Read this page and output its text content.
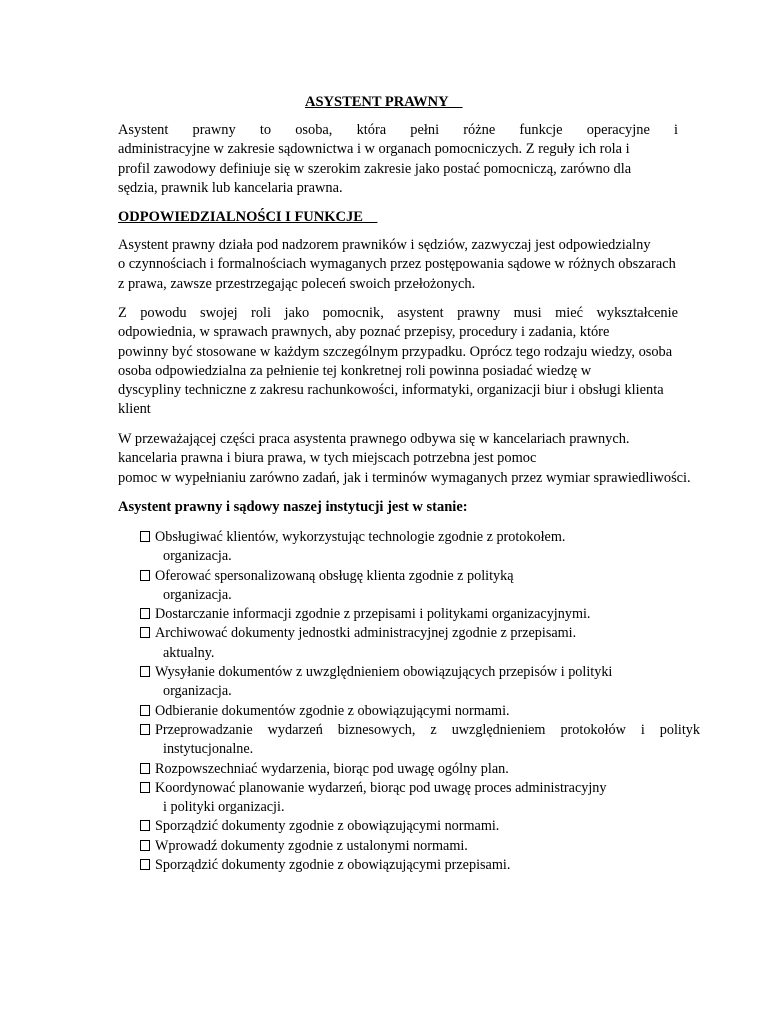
ASYSTENT PRAWNY
Asystent prawny to osoba, która pełni różne funkcje operacyjne i
administracyjne w zakresie sądownictwa i w organach pomocniczych. Z reguły ich rola i
profil zawodowy definiuje się w szerokim zakresie jako postać pomocniczą, zarówno dla
sędzia, prawnik lub kancelaria prawna.
ODPOWIEDZIALNOŚCI I FUNKCJE
Asystent prawny działa pod nadzorem prawników i sędziów, zazwyczaj jest odpowiedzialny
o czynnościach i formalnościach wymaganych przez postępowania sądowe w różnych obszarach
z prawa, zawsze przestrzegając poleceń swoich przełożonych.
Z powodu swojej roli jako pomocnik, asystent prawny musi mieć wykształcenie
odpowiednia, w sprawach prawnych, aby poznać przepisy, procedury i zadania, które
powinny być stosowane w każdym szczególnym przypadku. Oprócz tego rodzaju wiedzy, osoba
osoba odpowiedzialna za pełnienie tej konkretnej roli powinna posiadać wiedzę w
dyscypliny techniczne z zakresu rachunkowości, informatyki, organizacji biur i obsługi klienta
klient
W przeważającej części praca asystenta prawnego odbywa się w kancelariach prawnych.
kancelaria prawna i biura prawa, w tych miejscach potrzebna jest pomoc
pomoc w wypełnianiu zarówno zadań, jak i terminów wymaganych przez wymiar sprawiedliwości.
Asystent prawny i sądowy naszej instytucji jest w stanie:
Obsługiwać klientów, wykorzystując technologie zgodnie z protokołem.
organizacja.
Oferować spersonalizowaną obsługę klienta zgodnie z polityką
organizacja.
Dostarczanie informacji zgodnie z przepisami i politykami organizacyjnymi.
Archiwować dokumenty jednostki administracyjnej zgodnie z przepisami.
aktualny.
Wysyłanie dokumentów z uwzględnieniem obowiązujących przepisów i polityki
organizacja.
Odbieranie dokumentów zgodnie z obowiązującymi normami.
Przeprowadzanie wydarzeń biznesowych, z uwzględnieniem protokołów i polityk
instytucjonalne.
Rozpowszechniać wydarzenia, biorąc pod uwagę ogólny plan.
Koordynować planowanie wydarzeń, biorąc pod uwagę proces administracyjny
i polityki organizacji.
Sporządzić dokumenty zgodnie z obowiązującymi normami.
Wprowadź dokumenty zgodnie z ustalonymi normami.
Sporządzić dokumenty zgodnie z obowiązującymi przepisami.
